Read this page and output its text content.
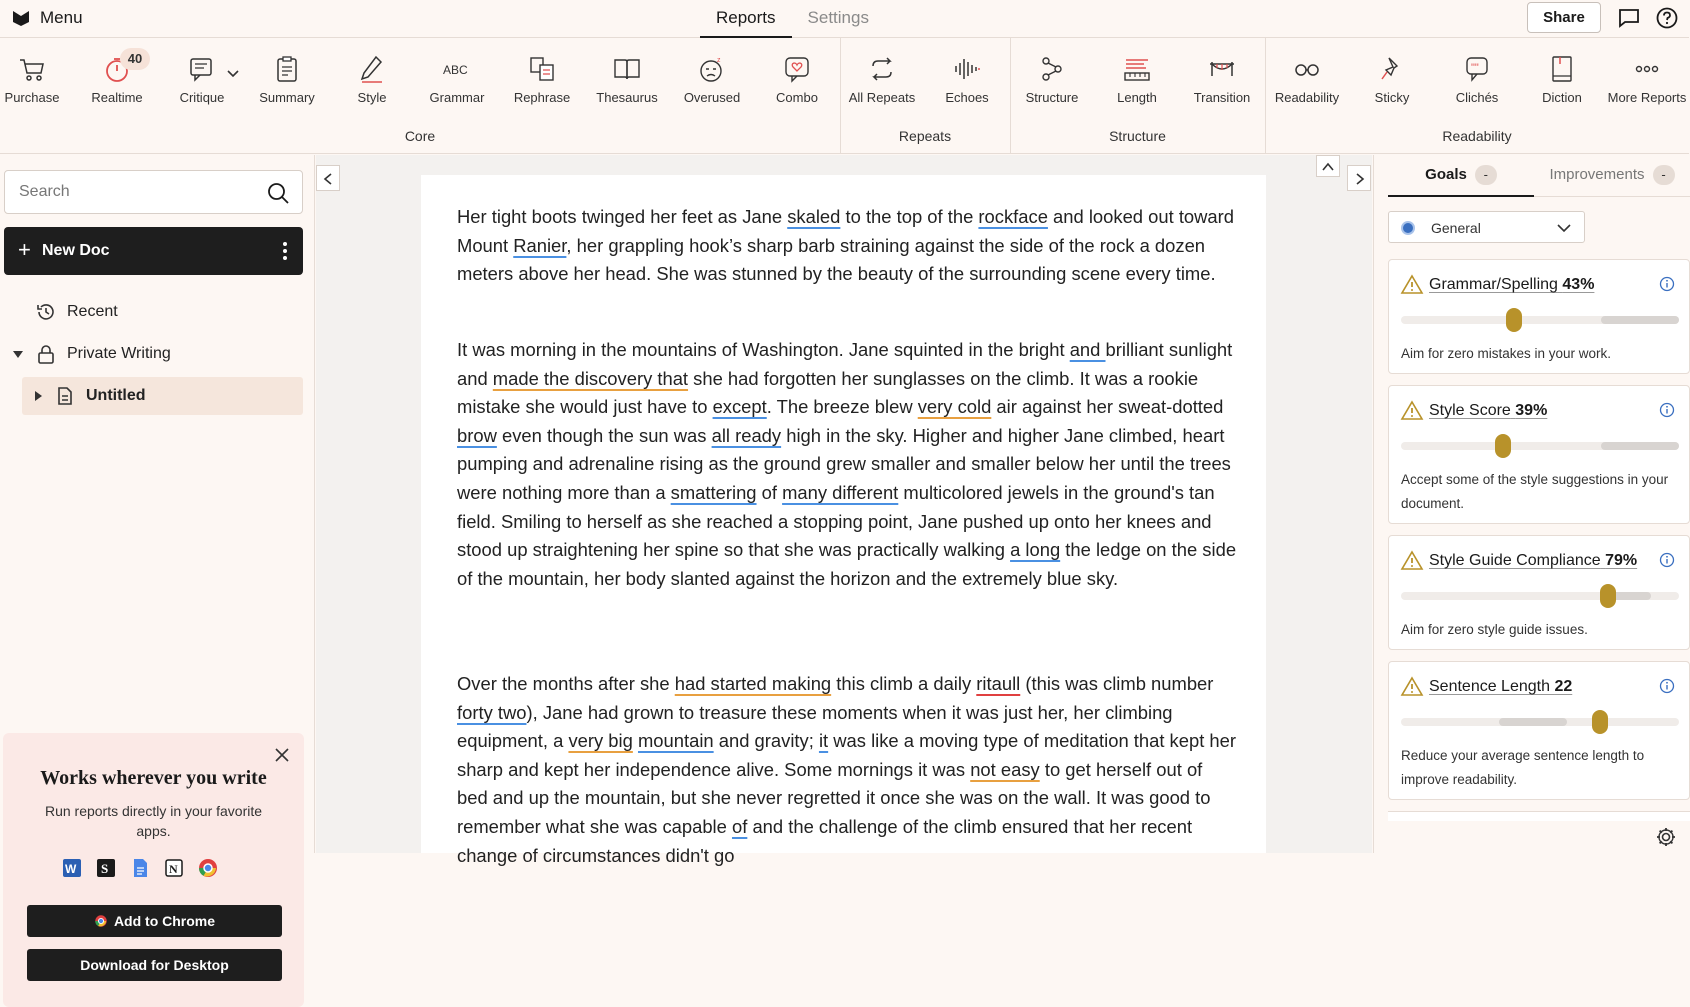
Menu	Reports	Settings	Share
Purchase
40
Realtime	Critique	Summary	Style
ABC
Grammar	Rephrase	Thesaurus
z
Overused	Combo	All Repeats	Echoes	Structure	Length	Transition	Readability	Sticky
""
Clichés	Diction	More Reports
Core	Repeats	Structure	Readability
Search
+ New Doc
Recent
Private Writing
Untitled
Works wherever you write

Run reports directly in your favorite apps.

W S	N
Add to Chrome
Download for Desktop
Her tight boots twinged her feet as Jane skaled to the top of the rockface and looked out toward Mount Ranier, her grappling hook’s sharp barb straining against the side of the rock a dozen meters above her head. She was stunned by the beauty of the surrounding scene every time.
It was morning in the mountains of Washington. Jane squinted in the bright and brilliant sunlight and made the discovery that she had forgotten her sunglasses on the climb. It was a rookie mistake she would just have to except. The breeze blew very cold air against her sweat-dotted brow even though the sun was all ready high in the sky. Higher and higher Jane climbed, heart pumping and adrenaline rising as the ground grew smaller and smaller below her until the trees were nothing more than a smattering of many different multicolored jewels in the ground's tan field. Smiling to herself as she reached a stopping point, Jane pushed up onto her knees and stood up straightening her spine so that she was practically walking a long the ledge on the side of the mountain, her body slanted against the horizon and the extremely blue sky.
Over the months after she had started making this climb a daily ritaull (this was climb number forty two), Jane had grown to treasure these moments when it was just her, her climbing equipment, a very big mountain and gravity; it was like a moving type of meditation that kept her sharp and kept her independence alive. Some mornings it was not easy to get herself out of bed and up the mountain, but she never regretted it once she was on the wall. It was good to remember what she was capable of and the challenge of the climb ensured that her recent change of circumstances didn't go
Goals -	Improvements -
General
Grammar/Spelling 43%
Aim for zero mistakes in your work.
Style Score 39%
Accept some of the style suggestions in your document.
Style Guide Compliance 79%
Aim for zero style guide issues.
Sentence Length 22
Reduce your average sentence length to improve readability.
